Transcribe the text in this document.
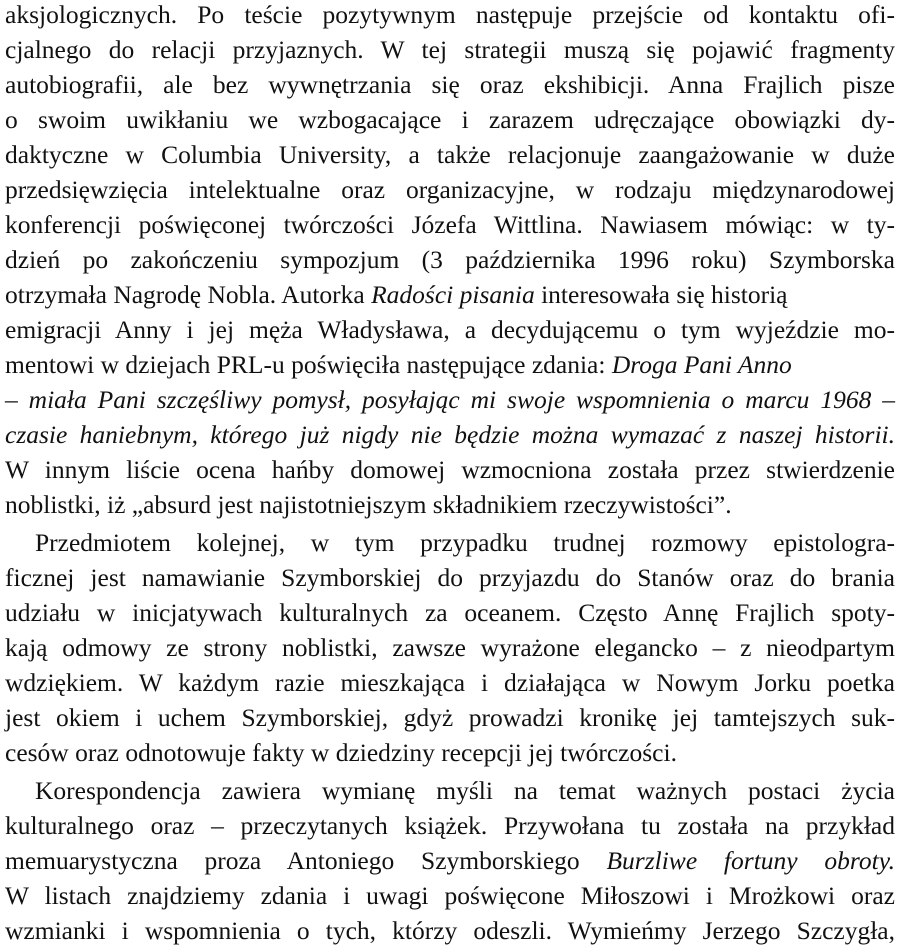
aksjologicznych. Po teście pozytywnym następuje przejście od kontaktu ofi-
cjalnego do relacji przyjaznych. W tej strategii muszą się pojawić fragmenty
autobiografii, ale bez wywnętrzania się oraz ekshibicji. Anna Frajlich pisze
o swoim uwikłaniu we wzbogacające i zarazem udręczające obowiązki dy-
daktyczne w Columbia University, a także relacjonuje zaangażowanie w duże
przedsięwzięcia intelektualne oraz organizacyjne, w rodzaju międzynarodowej
konferencji poświęconej twórczości Józefa Wittlina. Nawiasem mówiąc: w ty-
dzień po zakończeniu sympozjum (3 października 1996 roku) Szymborska
otrzymała Nagrodę Nobla. Autorka Radości pisania interesowała się historią
emigracji Anny i jej męża Władysława, a decydującemu o tym wyjeździe mo-
mentowi w dziejach PRL-u poświęciła następujące zdania: Droga Pani Anno
– miała Pani szczęśliwy pomysł, posyłając mi swoje wspomnienia o marcu 1968 –
czasie haniebnym, którego już nigdy nie będzie można wymazać z naszej historii.
W innym liście ocena hańby domowej wzmocniona została przez stwierdzenie
noblistki, iż „absurd jest najistotniejszym składnikiem rzeczywistości”.
Przedmiotem kolejnej, w tym przypadku trudnej rozmowy epistologra-
ficznej jest namawianie Szymborskiej do przyjazdu do Stanów oraz do brania
udziału w inicjatywach kulturalnych za oceanem. Często Annę Frajlich spoty-
kają odmowy ze strony noblistki, zawsze wyrażone elegancko – z nieodpartym
wdziękiem. W każdym razie mieszkająca i działająca w Nowym Jorku poetka
jest okiem i uchem Szymborskiej, gdyż prowadzi kronikę jej tamtejszych suk-
cesów oraz odnotowuje fakty w dziedziny recepcji jej twórczości.
Korespondencja zawiera wymianę myśli na temat ważnych postaci życia
kulturalnego oraz – przeczytanych książek. Przywołana tu została na przykład
memuarystyczna proza Antoniego Szymborskiego Burzliwe fortuny obroty.
W listach znajdziemy zdania i uwagi poświęcone Miłoszowi i Mrożkowi oraz
wzmianki i wspomnienia o tych, którzy odeszli. Wymieńmy Jerzego Szczygła,
